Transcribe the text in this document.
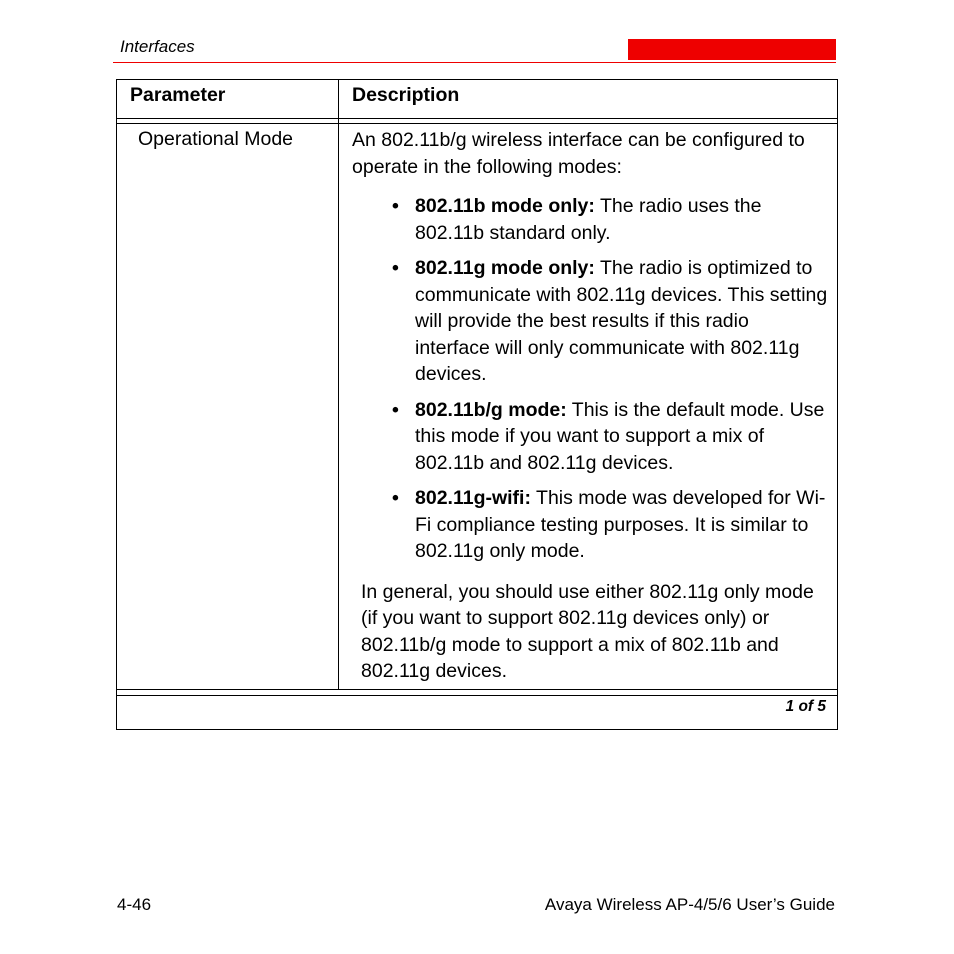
Interfaces
Parameter	Description
Operational Mode	An 802.11b/g wireless interface can be configured to operate in the following modes:

• 802.11b mode only: The radio uses the 802.11b standard only.
• 802.11g mode only: The radio is optimized to communicate with 802.11g devices. This setting will provide the best results if this radio interface will only communicate with 802.11g devices.
• 802.11b/g mode: This is the default mode. Use this mode if you want to support a mix of 802.11b and 802.11g devices.
• 802.11g-wifi: This mode was developed for Wi-Fi compliance testing purposes. It is similar to 802.11g only mode.

In general, you should use either 802.11g only mode (if you want to support 802.11g devices only) or 802.11b/g mode to support a mix of 802.11b and 802.11g devices.

1 of 5
4-46	Avaya Wireless AP-4/5/6 User’s Guide
